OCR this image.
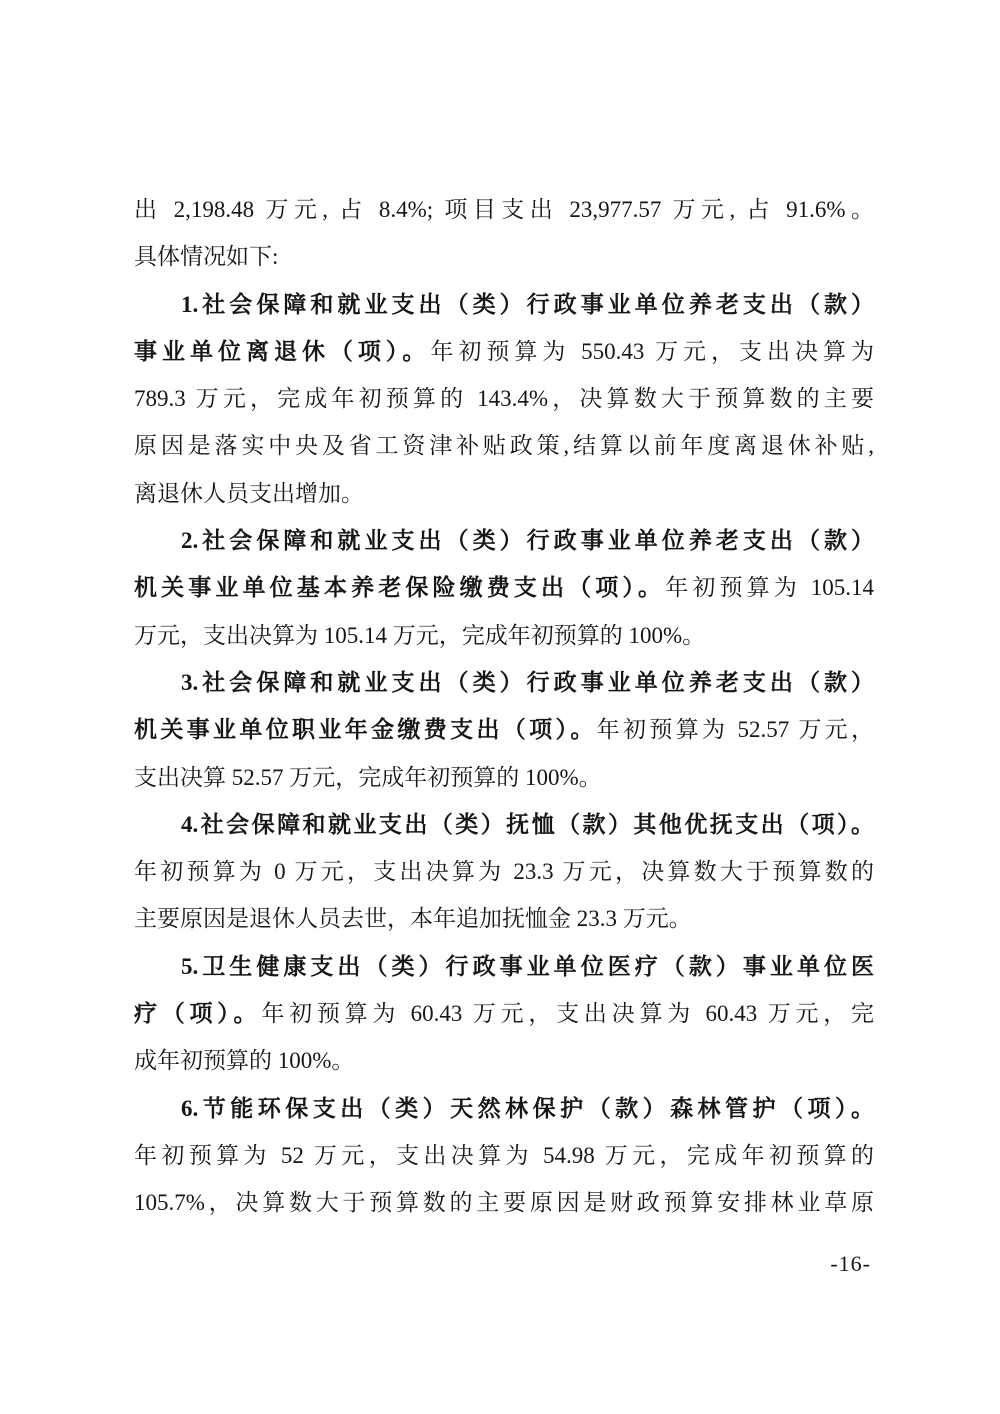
出 2,198.48 万元, 占 8.4%; 项目支出 23,977.57 万元, 占 91.6%。
具体情况如下:
1.社会保障和就业支出（类）行政事业单位养老支出（款）
事业单位离退休（项）。年初预算为 550.43 万元，支出决算为
789.3 万元，完成年初预算的 143.4%，决算数大于预算数的主要
原因是落实中央及省工资津补贴政策,结算以前年度离退休补贴,
离退休人员支出增加。
2.社会保障和就业支出（类）行政事业单位养老支出（款）
机关事业单位基本养老保险缴费支出（项）。年初预算为 105.14
万元，支出决算为 105.14 万元，完成年初预算的 100%。
3.社会保障和就业支出（类）行政事业单位养老支出（款）
机关事业单位职业年金缴费支出（项）。年初预算为 52.57 万元，
支出决算 52.57 万元，完成年初预算的 100%。
4.社会保障和就业支出（类）抚恤（款）其他优抚支出（项）。
年初预算为 0 万元，支出决算为 23.3 万元，决算数大于预算数的
主要原因是退休人员去世，本年追加抚恤金 23.3 万元。
5.卫生健康支出（类）行政事业单位医疗（款）事业单位医
疗（项）。年初预算为 60.43 万元，支出决算为 60.43 万元，完
成年初预算的 100%。
6.节能环保支出（类）天然林保护（款）森林管护（项）。
年初预算为 52 万元，支出决算为 54.98 万元，完成年初预算的
105.7%，决算数大于预算数的主要原因是财政预算安排林业草原
-16-
